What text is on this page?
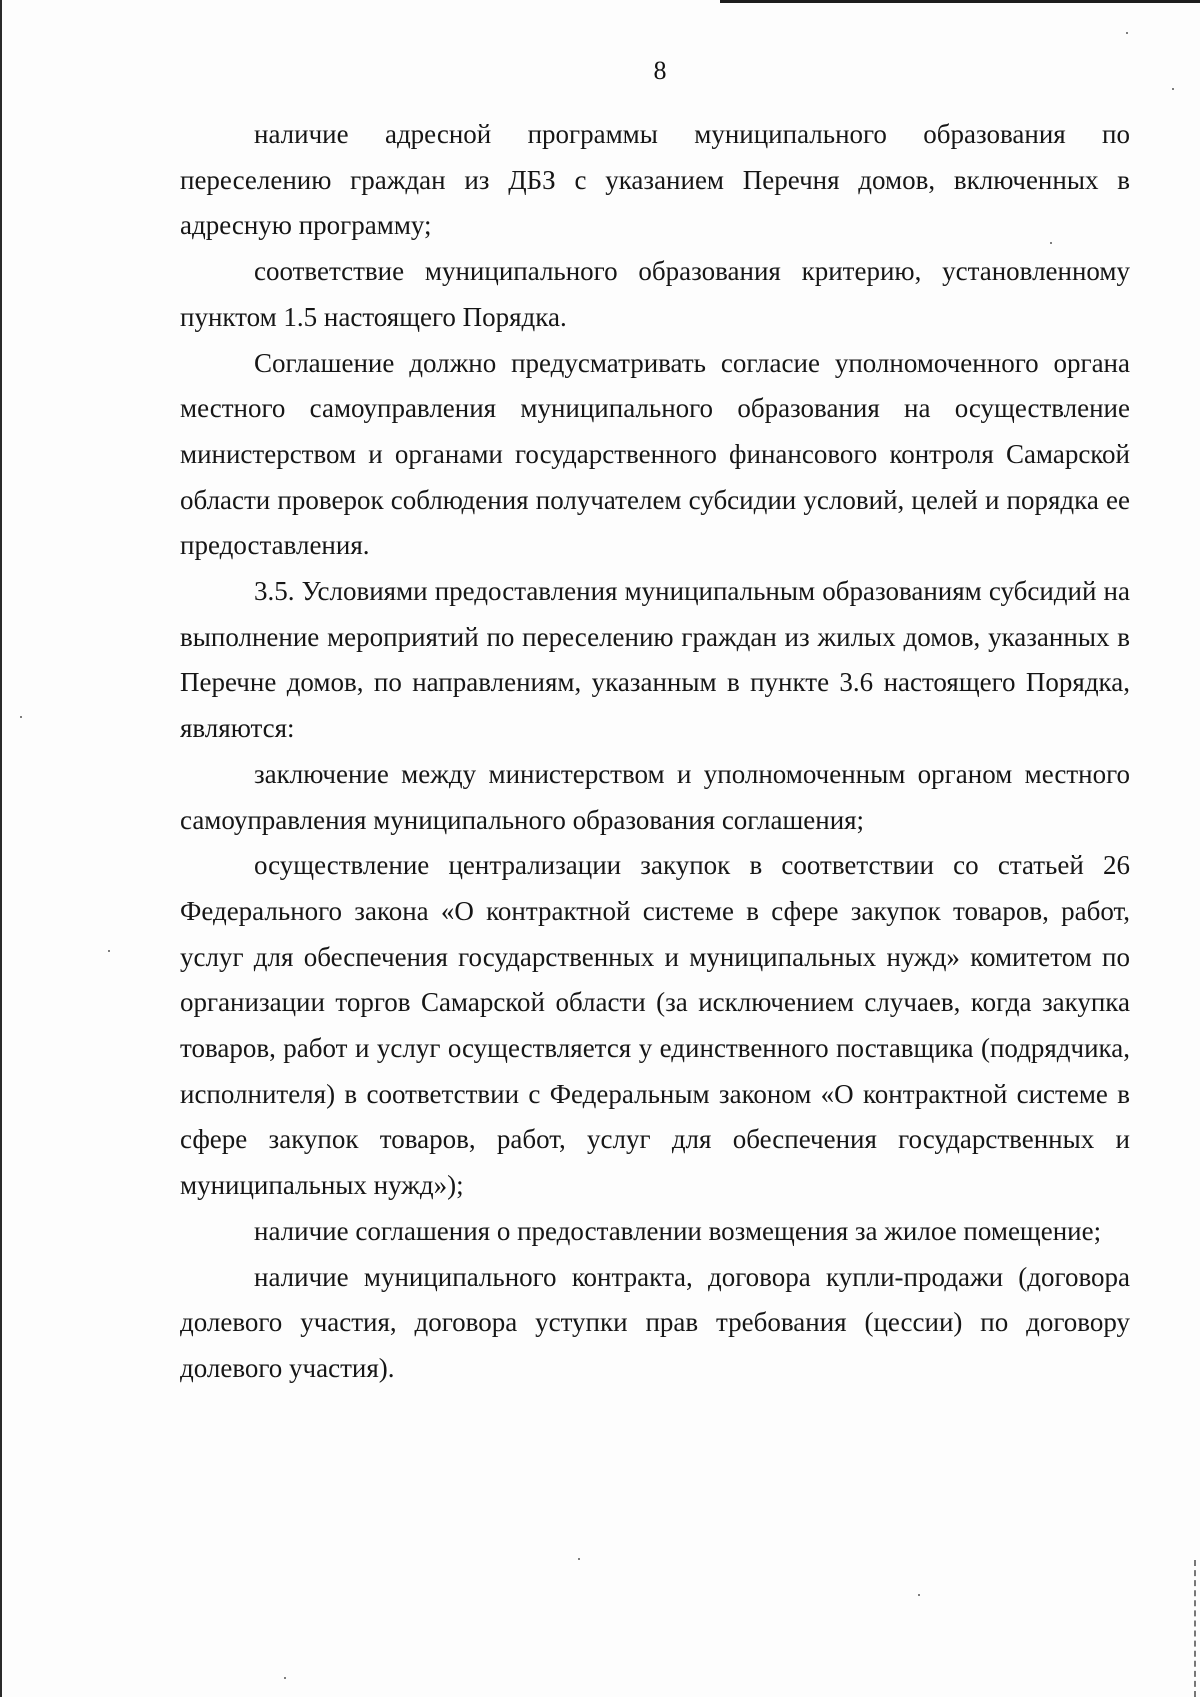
8

наличие адресной программы муниципального образования по переселению граждан из ДБЗ с указанием Перечня домов, включенных в адресную программу;

соответствие муниципального образования критерию, установленному пунктом 1.5 настоящего Порядка.

Соглашение должно предусматривать согласие уполномоченного органа местного самоуправления муниципального образования на осуществление министерством и органами государственного финансового контроля Самарской области проверок соблюдения получателем субсидии условий, целей и порядка ее предоставления.

3.5. Условиями предоставления муниципальным образованиям субсидий на выполнение мероприятий по переселению граждан из жилых домов, указанных в Перечне домов, по направлениям, указанным в пункте 3.6 настоящего Порядка, являются:

заключение между министерством и уполномоченным органом местного самоуправления муниципального образования соглашения;

осуществление централизации закупок в соответствии со статьей 26 Федерального закона «О контрактной системе в сфере закупок товаров, работ, услуг для обеспечения государственных и муниципальных нужд» комитетом по организации торгов Самарской области (за исключением случаев, когда закупка товаров, работ и услуг осуществляется у единственного поставщика (подрядчика, исполнителя) в соответствии с Федеральным законом «О контрактной системе в сфере закупок товаров, работ, услуг для обеспечения государственных и муниципальных нужд»);

наличие соглашения о предоставлении возмещения за жилое помещение;

наличие муниципального контракта, договора купли-продажи (договора долевого участия, договора уступки прав требования (цессии) по договору долевого участия).
